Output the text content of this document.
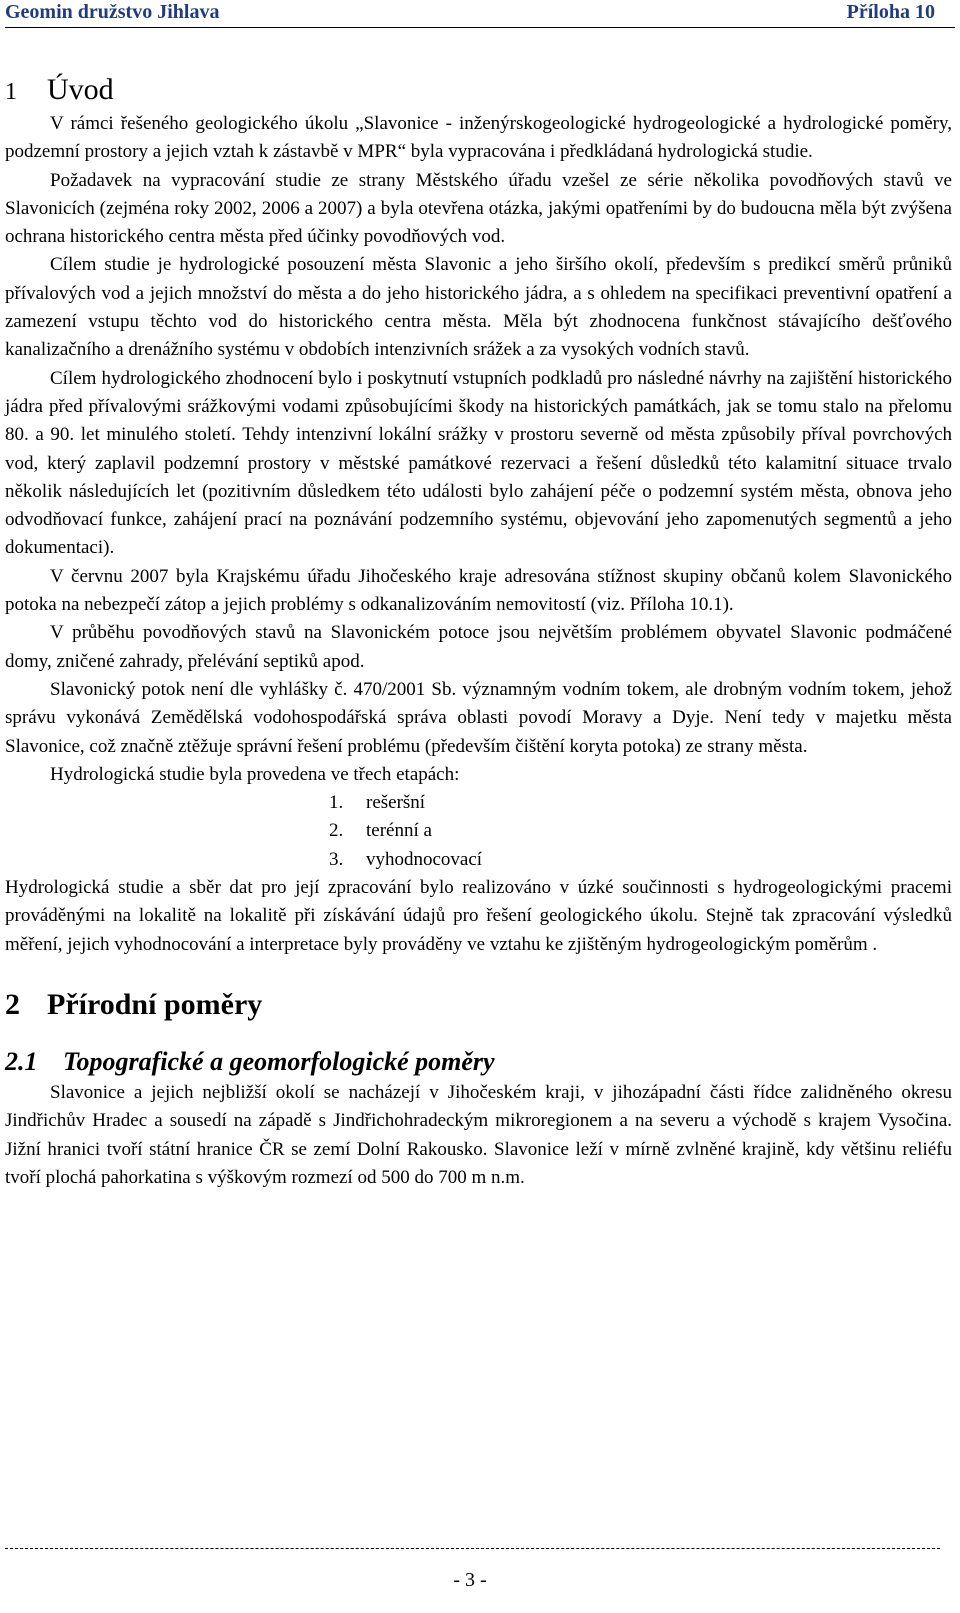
Geomin družstvo Jihlava	Příloha 10
1 Úvod

V rámci řešeného geologického úkolu „Slavonice - inženýrskogeologické hydrogeologické a hydrologické poměry, podzemní prostory a jejich vztah k zástavbě v MPR“ byla vypracována i předkládaná hydrologická studie.

Požadavek na vypracování studie ze strany Městského úřadu vzešel ze série několika povodňových stavů ve Slavonicích (zejména roky 2002, 2006 a 2007) a byla otevřena otázka, jakými opatřeními by do budoucna měla být zvýšena ochrana historického centra města před účinky povodňových vod.

Cílem studie je hydrologické posouzení města Slavonic a jeho širšího okolí, především s predikcí směrů průniků přívalových vod a jejich množství do města a do jeho historického jádra, a s ohledem na specifikaci preventivní opatření a zamezení vstupu těchto vod do historického centra města. Měla být zhodnocena funkčnost stávajícího dešťového kanalizačního a drenážního systému v obdobích intenzivních srážek a za vysokých vodních stavů.

Cílem hydrologického zhodnocení bylo i poskytnutí vstupních podkladů pro následné návrhy na zajištění historického jádra před přívalovými srážkovými vodami způsobujícími škody na historických památkách, jak se tomu stalo na přelomu 80. a 90. let minulého století. Tehdy intenzivní lokální srážky v prostoru severně od města způsobily příval povrchových vod, který zaplavil podzemní prostory v městské památkové rezervaci a řešení důsledků této kalamitní situace trvalo několik následujících let (pozitivním důsledkem této události bylo zahájení péče o podzemní systém města, obnova jeho odvodňovací funkce, zahájení prací na poznávání podzemního systému, objevování jeho zapomenutých segmentů a jeho dokumentaci).

V červnu 2007 byla Krajskému úřadu Jihočeského kraje adresována stížnost skupiny občanů kolem Slavonického potoka na nebezpečí zátop a jejich problémy s odkanalizováním nemovitostí (viz. Příloha 10.1).

V průběhu povodňových stavů na Slavonickém potoce jsou největším problémem obyvatel Slavonic podmáčené domy, zničené zahrady, přelévání septiků apod.

Slavonický potok není dle vyhlášky č. 470/2001 Sb. významným vodním tokem, ale drobným vodním tokem, jehož správu vykonává Zemědělská vodohospodářská správa oblasti povodí Moravy a Dyje. Není tedy v majetku města Slavonice, což značně ztěžuje správní řešení problému (především čištění koryta potoka) ze strany města.

Hydrologická studie byla provedena ve třech etapách:

1. rešeršní
2. terénní a
3. vyhodnocovací

Hydrologická studie a sběr dat pro její zpracování bylo realizováno v úzké součinnosti s hydrogeologickými pracemi prováděnými na lokalitě na lokalitě při získávání údajů pro řešení geologického úkolu. Stejně tak zpracování výsledků měření, jejich vyhodnocování a interpretace byly prováděny ve vztahu ke zjištěným hydrogeologickým poměrům .

2 Přírodní poměry
2.1 Topografické a geomorfologické poměry

Slavonice a jejich nejbližší okolí se nacházejí v Jihočeském kraji, v jihozápadní části řídce zalidněného okresu Jindřichův Hradec a sousedí na západě s Jindřichohradeckým mikroregionem a na severu a východě s krajem Vysočina. Jižní hranici tvoří státní hranice ČR se zemí Dolní Rakousko. Slavonice leží v mírně zvlněné krajině, kdy většinu reliéfu tvoří plochá pahorkatina s výškovým rozmezí od 500 do 700 m n.m.

- 3 -
